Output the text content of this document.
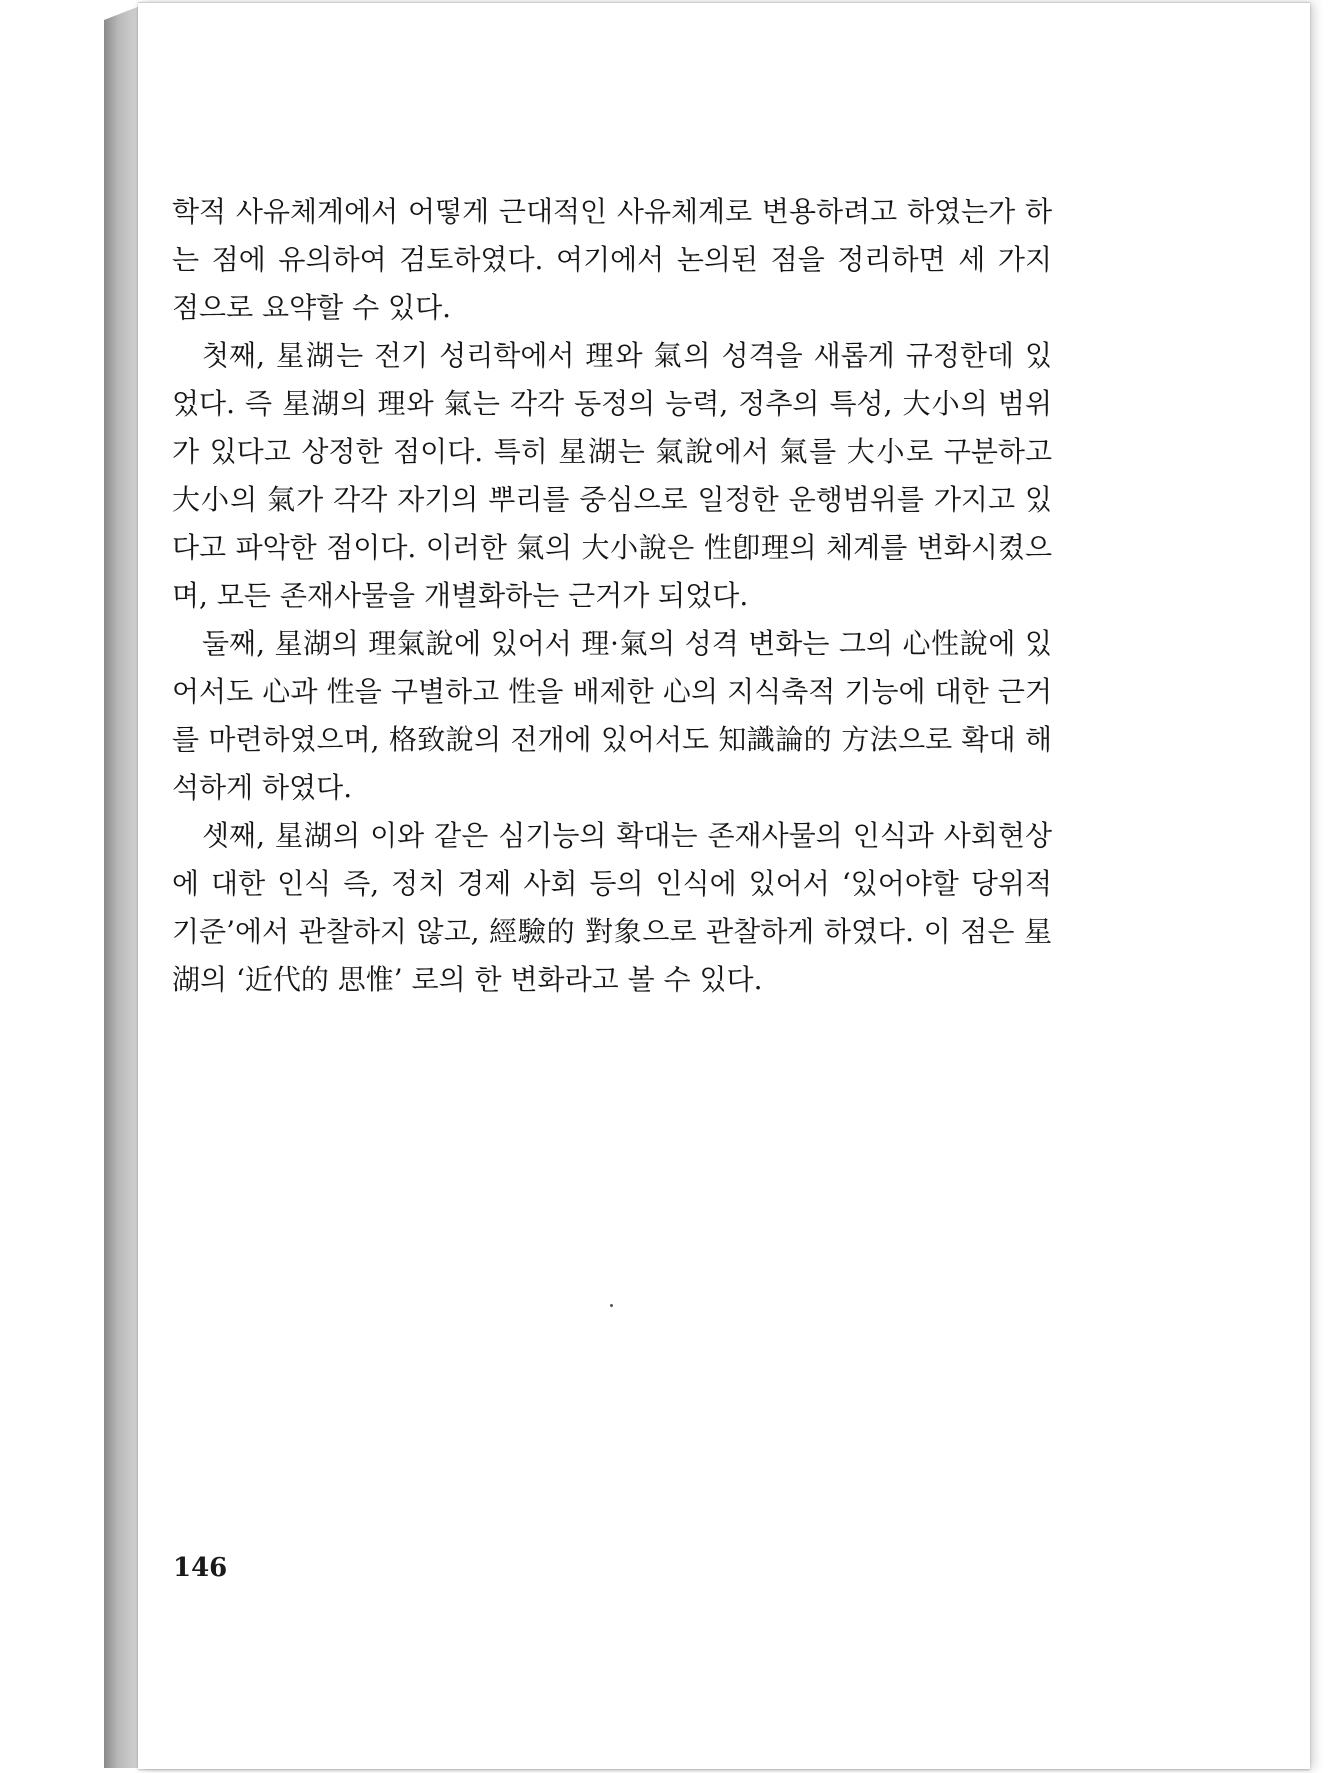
학적 사유체계에서 어떻게 근대적인 사유체계로 변용하려고 하였는가 하는 점에 유의하여 검토하였다. 여기에서 논의된 점을 정리하면 세 가지 점으로 요약할 수 있다.

첫째, 星湖는 전기 성리학에서 理와 氣의 성격을 새롭게 규정한데 있었다. 즉 星湖의 理와 氣는 각각 동정의 능력, 정추의 특성, 大小의 범위가 있다고 상정한 점이다. 특히 星湖는 氣說에서 氣를 大小로 구분하고 大小의 氣가 각각 자기의 뿌리를 중심으로 일정한 운행범위를 가지고 있다고 파악한 점이다. 이러한 氣의 大小說은 性卽理의 체계를 변화시켰으며, 모든 존재사물을 개별화하는 근거가 되었다.

둘째, 星湖의 理氣說에 있어서 理·氣의 성격 변화는 그의 心性說에 있어서도 心과 性을 구별하고 性을 배제한 心의 지식축적 기능에 대한 근거를 마련하였으며, 格致說의 전개에 있어서도 知識論的 方法으로 확대 해석하게 하였다.

셋째, 星湖의 이와 같은 심기능의 확대는 존재사물의 인식과 사회현상에 대한 인식 즉, 정치 경제 사회 등의 인식에 있어서 ‘있어야할 당위적 기준’에서 관찰하지 않고, 經驗的 對象으로 관찰하게 하였다. 이 점은 星湖의 ‘近代的 思惟’ 로의 한 변화라고 볼 수 있다.

146
